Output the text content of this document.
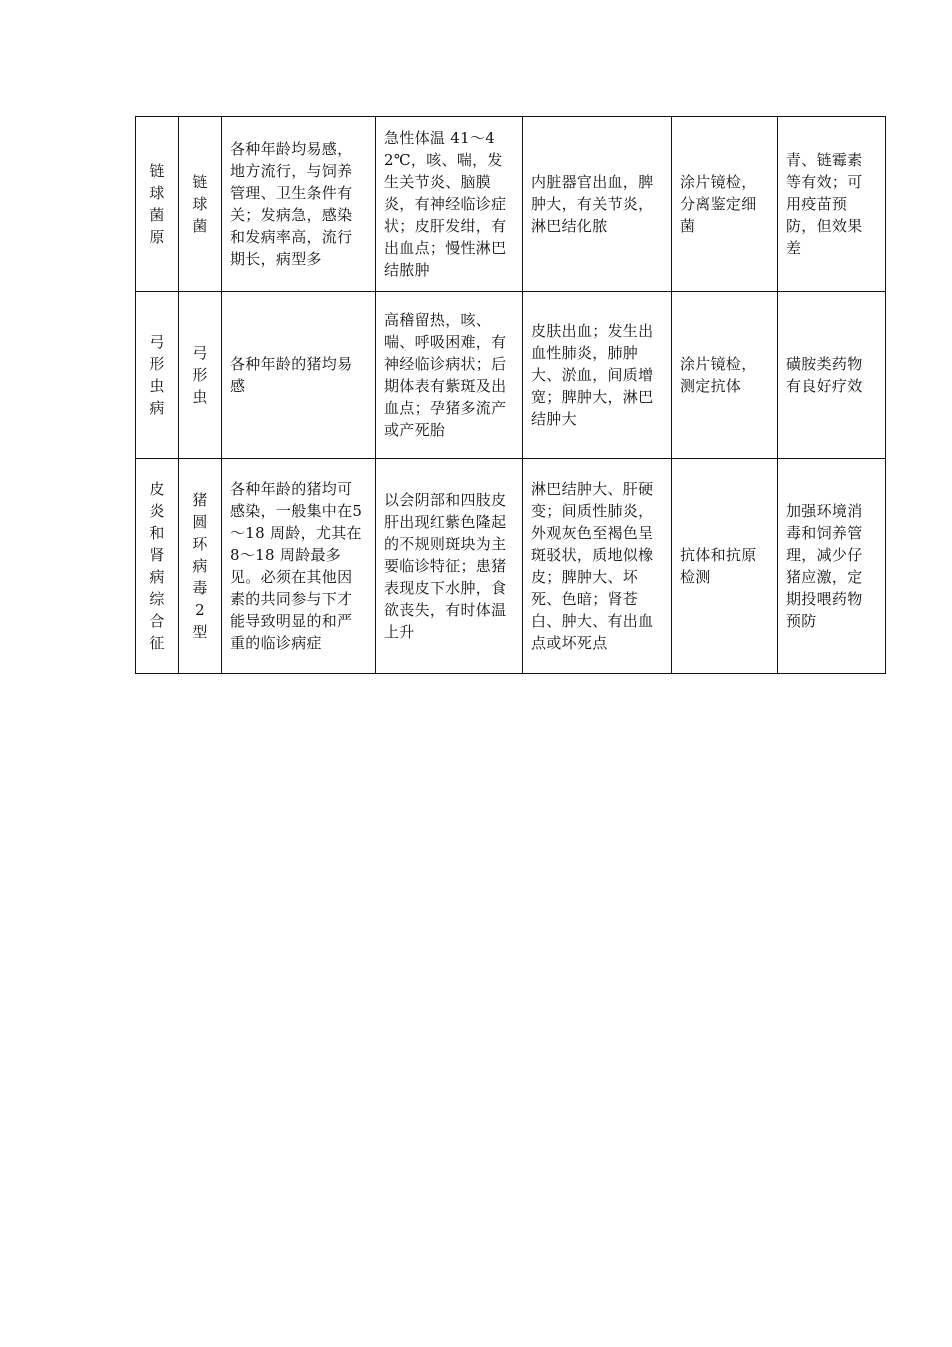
链球菌原	链球菌	各种年龄均易感，地方流行，与饲养管理、卫生条件有关；发病急，感染和发病率高，流行期长，病型多	急性体温 41～42℃，咳、喘，发生关节炎、脑膜炎，有神经临诊症状；皮肝发绀，有出血点；慢性淋巴结脓肿	内脏器官出血，脾肿大，有关节炎，淋巴结化脓	涂片镜检，分离鉴定细菌	青、链霉素等有效；可用疫苗预防，但效果差
弓形虫病	弓形虫	各种年龄的猪均易感	高稽留热，咳、喘、呼吸困难，有神经临诊病状；后期体表有紫斑及出血点；孕猪多流产或产死胎	皮肤出血；发生出血性肺炎，肺肿大、淤血，间质增宽；脾肿大，淋巴结肿大	涂片镜检，测定抗体	磺胺类药物有良好疗效
皮炎和肾病综合征	猪圆环病毒2型	各种年龄的猪均可感染，一般集中在5～18 周龄，尤其在 8～18 周龄最多见。必须在其他因素的共同参与下才能导致明显的和严重的临诊病症	以会阴部和四肢皮肝出现红紫色隆起的不规则斑块为主要临诊特征；患猪表现皮下水肿，食欲丧失，有时体温上升	淋巴结肿大、肝硬变；间质性肺炎，外观灰色至褐色呈斑驳状，质地似橡皮；脾肿大、坏死、色暗；肾苍白、肿大、有出血点或坏死点	抗体和抗原检测	加强环境消毒和饲养管理，减少仔猪应激，定期投喂药物预防
